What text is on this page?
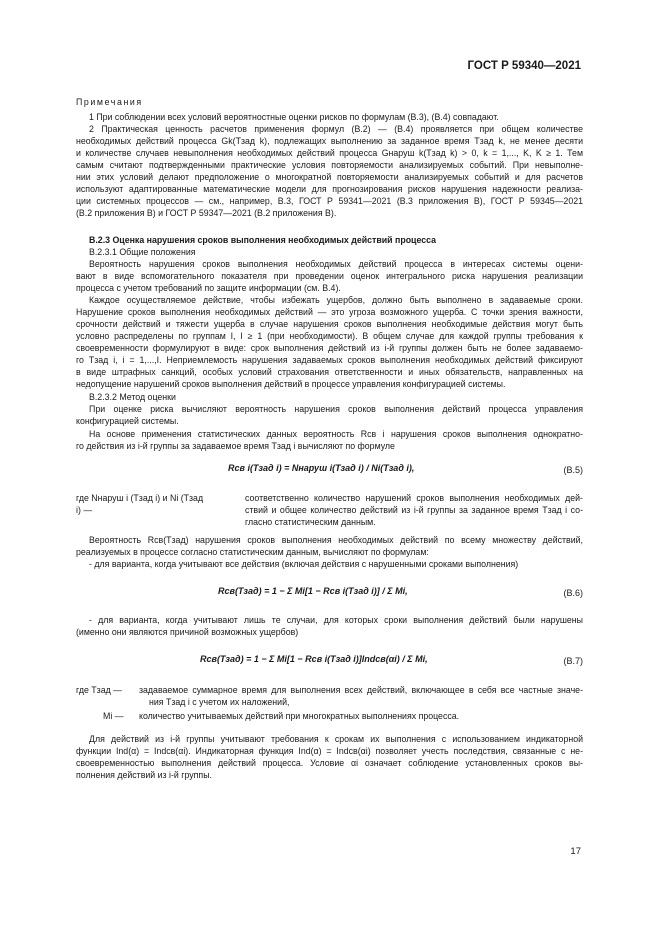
ГОСТ Р 59340—2021
Примечания
1 При соблюдении всех условий вероятностные оценки рисков по формулам (В.3), (В.4) совпадают.
2 Практическая ценность расчетов применения формул (В.2) — (В.4) проявляется при общем количестве
необходимых действий процесса Gk(Tзад k), подлежащих выполнению за заданное время Tзад k, не менее десяти
и количестве случаев невыполнения необходимых действий процесса Gнаруш k(Tзад k) > 0, k = 1,..., K, K ≥ 1. Тем
самым считают подтвержденными практические условия повторяемости анализируемых событий. При невыполне-
нии этих условий делают предположение о многократной повторяемости анализируемых событий и для расчетов
используют адаптированные математические модели для прогнозирования рисков нарушения надежности реализа-
ции системных процессов — см., например, В.3, ГОСТ Р 59341—2021 (В.3 приложения В), ГОСТ Р 59345—2021
(В.2 приложения В) и ГОСТ Р 59347—2021 (В.2 приложения В).
В.2.3 Оценка нарушения сроков выполнения необходимых действий процесса
В.2.3.1 Общие положения
Вероятность нарушения сроков выполнения необходимых действий процесса в интересах системы оцени-
вают в виде вспомогательного показателя при проведении оценок интегрального риска нарушения реализации
процесса с учетом требований по защите информации (см. В.4).
Каждое осуществляемое действие, чтобы избежать ущербов, должно быть выполнено в задаваемые сроки.
Нарушение сроков выполнения необходимых действий — это угроза возможного ущерба. С точки зрения важности,
срочности действий и тяжести ущерба в случае нарушения сроков выполнения необходимые действия могут быть
условно распределены по группам I, I ≥ 1 (при необходимости). В общем случае для каждой группы требования к
своевременности формулируют в виде: срок выполнения действий из i-й группы должен быть не более задаваемо-
го Tзад i, i = 1,...,I. Неприемлемость нарушения задаваемых сроков выполнения необходимых действий фиксируют
в виде штрафных санкций, особых условий страхования ответственности и иных обязательств, направленных на
недопущение нарушений сроков выполнения действий в процессе управления конфигурацией системы.
В.2.3.2 Метод оценки
При оценке риска вычисляют вероятность нарушения сроков выполнения действий процесса управления
конфигурацией системы.
На основе применения статистических данных вероятность Rсв i нарушения сроков выполнения однократно-
го действия из i-й группы за задаваемое время Tзад i вычисляют по формуле
Rсв i(Tзад i) = Nнаруш i(Tзад i) / Ni(Tзад i),	(В.5)
где Nнаруш i (Tзад i) и Ni (Tзад i) —
соответственно количество нарушений сроков выполнения необходимых дей-
ствий и общее количество действий из i-й группы за заданное время Tзад i со-
гласно статистическим данным.
Вероятность Rсв(Tзад) нарушения сроков выполнения необходимых действий по всему множеству действий,
реализуемых в процессе согласно статистическим данным, вычисляют по формулам:
- для варианта, когда учитывают все действия (включая действия с нарушенными сроками выполнения)
Rсв(Tзад) = 1 − Σ Mi[1 − Rсв i(Tзад i)] / Σ Mi,	(В.6)
- для варианта, когда учитывают лишь те случаи, для которых сроки выполнения действий были нарушены
(именно они являются причиной возможных ущербов)
Rсв(Tзад) = 1 − Σ Mi[1 − Rсв i(Tзад i)]Indсв(αi) / Σ Mi,	(В.7)
где Tзад —	задаваемое суммарное время для выполнения всех действий, включающее в себя все частные значе-
ния Tзад i с учетом их наложений,
Mi —	количество учитываемых действий при многократных выполнениях процесса.
Для действий из i-й группы учитывают требования к срокам их выполнения с использованием индикаторной
функции Ind(α) = Indсв(αi). Индикаторная функция Ind(α) = Indсв(αi) позволяет учесть последствия, связанные с не-
своевременностью выполнения действий процесса. Условие αi означает соблюдение установленных сроков вы-
полнения действий из i-й группы.
17
